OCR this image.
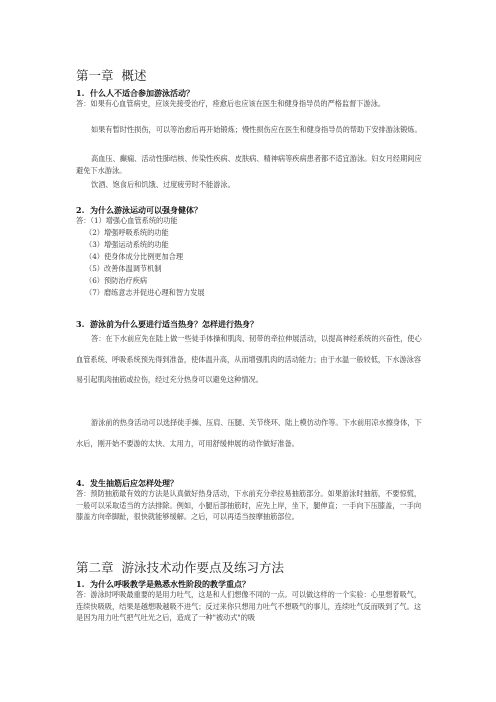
第一章 概述
1. 什么人不适合参加游泳活动？
答：如果有心血管病史，应该先接受治疗，痊愈后也应该在医生和健身指导员的严格监督下游泳。
如果有暂时性损伤，可以等治愈后再开始锻炼；慢性损伤应在医生和健身指导员的帮助下安排游泳锻炼。
高血压、癫痫、活动性肺结核、传染性疾病、皮肤病、精神病等疾病患者都不适宜游泳。妇女月经期间应避免下水游泳。
饮酒、饱食后和饥饿、过度疲劳时不能游泳。
2. 为什么游泳运动可以强身健体？
答：（1）增强心血管系统的功能
（2）增强呼吸系统的功能
（3）增强运动系统的功能
（4）使身体成分比例更加合理
（5）改善体温调节机制
（6）预防治疗疾病
（7）磨练意志并促进心理和智力发展
3. 游泳前为什么要进行适当热身？怎样进行热身？
答：在下水前应先在陆上做一些徒手体操和肌肉、韧带的牵拉伸展活动，以提高神经系统的兴奋性，使心血管系统、呼吸系统预先得到准备，使体温升高，从而增强肌肉的活动能力；由于水温一般较低，下水游泳容易引起肌肉抽筋或拉伤，经过充分热身可以避免这种情况。
游泳前的热身活动可以选择徒手操、压肩、压腿、关节绕环、陆上模仿动作等。下水前用凉水擦身体，下水后，刚开始不要游的太快、太用力，可用舒缓伸展的动作做好准备。
4. 发生抽筋后应怎样处理？
答：预防抽筋最有效的方法是认真做好热身活动，下水前充分牵拉易抽筋部分。如果游泳时抽筋，不要惊慌，一般可以采取适当的方法排除。例如，小腿后部抽筋时，应先上岸，坐下，腿伸直；一手向下压膝盖，一手向膝盖方向牵脚趾，很快就能够缓解。之后，可以再适当按摩抽筋部位。
第二章 游泳技术动作要点及练习方法
1. 为什么呼吸教学是熟悉水性阶段的教学重点？
答：游泳时呼吸最重要的是用力吐气，这是和人们想像不同的一点。可以做这样的一个实验：心里想着吸气，连续快吸吸，结果是越想吸越吸不进气；反过来你只想用力吐气不想吸气的事儿，连续吐气反而吸到了气。这是因为用力吐气把气吐光之后，造成了一种"被动式"的吸
